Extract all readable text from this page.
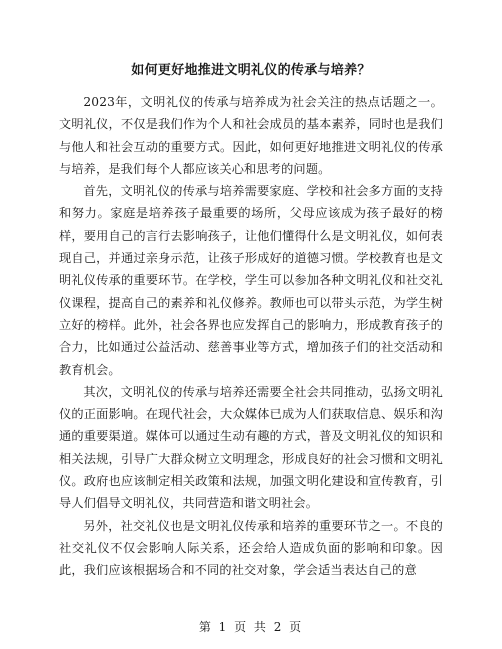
如何更好地推进文明礼仪的传承与培养？

2023年，文明礼仪的传承与培养成为社会关注的热点话题之一。文明礼仪，不仅是我们作为个人和社会成员的基本素养，同时也是我们与他人和社会互动的重要方式。因此，如何更好地推进文明礼仪的传承与培养，是我们每个人都应该关心和思考的问题。

首先，文明礼仪的传承与培养需要家庭、学校和社会多方面的支持和努力。家庭是培养孩子最重要的场所，父母应该成为孩子最好的榜样，要用自己的言行去影响孩子，让他们懂得什么是文明礼仪，如何表现自己，并通过亲身示范，让孩子形成好的道德习惯。学校教育也是文明礼仪传承的重要环节。在学校，学生可以参加各种文明礼仪和社交礼仪课程，提高自己的素养和礼仪修养。教师也可以带头示范，为学生树立好的榜样。此外，社会各界也应发挥自己的影响力，形成教育孩子的合力，比如通过公益活动、慈善事业等方式，增加孩子们的社交活动和教育机会。

其次，文明礼仪的传承与培养还需要全社会共同推动，弘扬文明礼仪的正面影响。在现代社会，大众媒体已成为人们获取信息、娱乐和沟通的重要渠道。媒体可以通过生动有趣的方式，普及文明礼仪的知识和相关法规，引导广大群众树立文明理念，形成良好的社会习惯和文明礼仪。政府也应该制定相关政策和法规，加强文明化建设和宣传教育，引导人们倡导文明礼仪，共同营造和谐文明社会。

另外，社交礼仪也是文明礼仪传承和培养的重要环节之一。不良的社交礼仪不仅会影响人际关系，还会给人造成负面的影响和印象。因此，我们应该根据场合和不同的社交对象，学会适当表达自己的意

第 1 页 共 2 页
